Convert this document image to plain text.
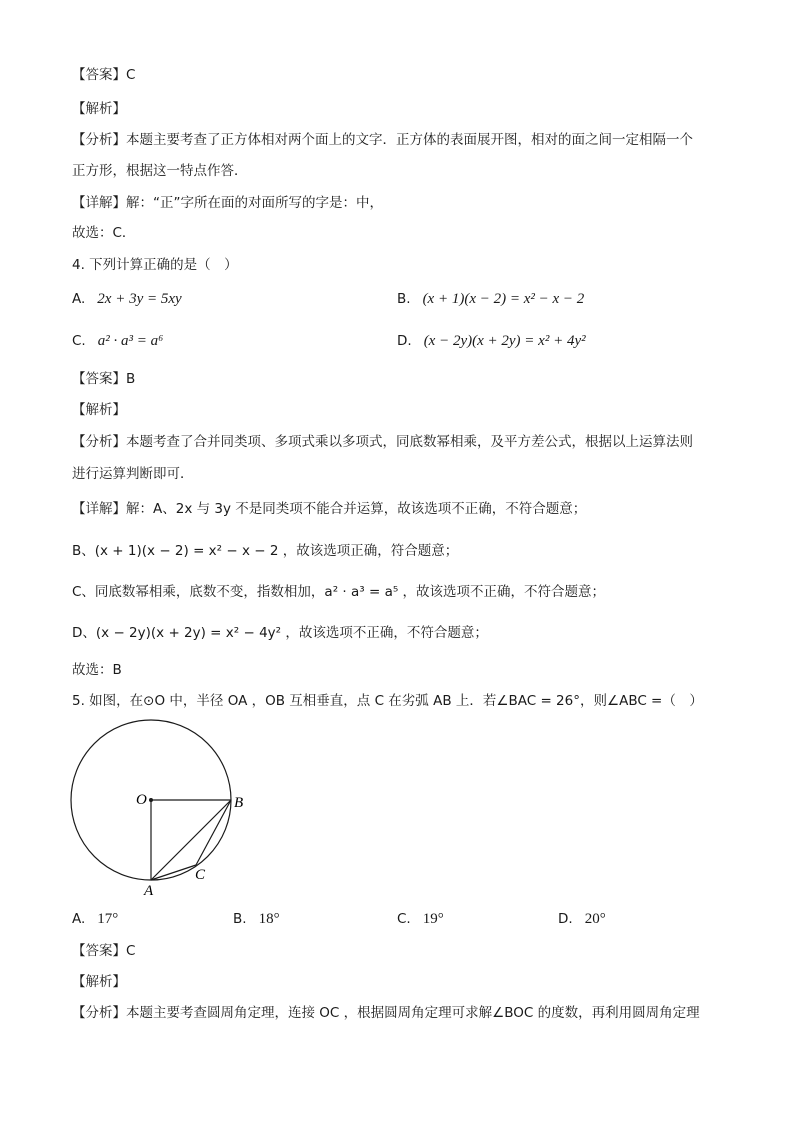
【答案】C
【解析】
【分析】本题主要考查了正方体相对两个面上的文字．正方体的表面展开图，相对的面之间一定相隔一个
正方形，根据这一特点作答．
【详解】解：“正”字所在面的对面所写的字是：中，
故选：C．
4. 下列计算正确的是（　）
A. 2x + 3y = 5xy	B. (x + 1)(x − 2) = x² − x − 2
C. a² · a³ = a⁶	D. (x − 2y)(x + 2y) = x² + 4y²
【答案】B
【解析】
【分析】本题考查了合并同类项、多项式乘以多项式，同底数幂相乘，及平方差公式，根据以上运算法则
进行运算判断即可．
【详解】解：A、2x 与 3y 不是同类项不能合并运算，故该选项不正确，不符合题意；
B、(x + 1)(x − 2) = x² − x − 2 ，故该选项正确，符合题意；
C、同底数幂相乘，底数不变，指数相加，a² · a³ = a⁵ ，故该选项不正确，不符合题意；
D、(x − 2y)(x + 2y) = x² − 4y² ，故该选项不正确，不符合题意；
故选：B
5. 如图，在⊙O 中，半径 OA ，OB 互相垂直，点 C 在劣弧 AB 上．若∠BAC = 26°，则∠ABC =（　）
O	B
A
C
A. 17°	B. 18°	C. 19°	D. 20°
【答案】C
【解析】
【分析】本题主要考查圆周角定理，连接 OC ，根据圆周角定理可求解∠BOC 的度数，再利用圆周角定理
